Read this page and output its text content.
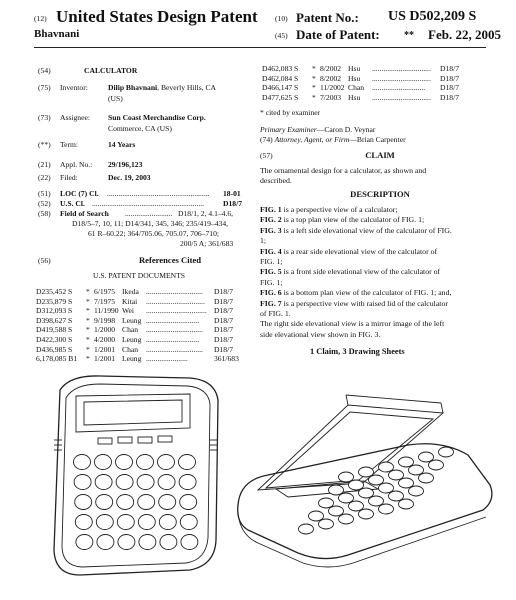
(12) United States Design Patent
Bhavnani
(10) Patent No.: US D502,209 S
(45) Date of Patent: ** Feb. 22, 2005
(54)	CALCULATOR
(75) Inventor:	Dilip Bhavnani, Beverly Hills, CA
(US)
(73) Assignee: Sun Coast Merchandise Corp.
Commerce, CA (US)
(**) Term:	14 Years
(21) Appl. No.: 29/196,123
(22) Filed:	Dec. 19, 2003
(51) LOC (7) Cl. ...................................................... 18-01
(52) U.S. Cl. ........................................................... D18/7
(58) Field of Search ......................... D18/1, 2, 4.1–4.6,
D18/5–7, 10, 11; D14/341, 345, 346; 235/419–434,
61 R–60.22; 364/705.06, 705.07, 706–710;
200/5 A; 361/683
(56)	References Cited
U.S. PATENT DOCUMENTS
D235,452 S * 6/1975 Ikeda .............................. D18/7
D235,879 S * 7/1975 Kitai ............................... D18/7
D312,093 S * 11/1990 Wei ................................ D18/7
D398,627 S * 9/1998 Leung ............................ D18/7
D419,588 S * 1/2000 Chan .............................. D18/7
D422,300 S * 4/2000 Leung ............................ D18/7
D436,985 S * 1/2001 Chan .............................. D18/7
6,178,085 B1 * 1/2001 Leung ......................	361/683
D462,083 S * 8/2002 Hsu ............................... D18/7
D462,084 S * 8/2002 Hsu ............................... D18/7
D466,147 S * 11/2002 Chan ............................ D18/7
D477,625 S * 7/2003 Hsu ............................... D18/7
* cited by examiner
Primary Examiner—Caron D. Veynar
(74) Attorney, Agent, or Firm—Brian Carpenter
(57)	CLAIM
The ornamental design for a calculator, as shown and
described.
DESCRIPTION
FIG. 1 is a perspective view of a calculator;
FIG. 2 is a top plan view of the calculator of FIG. 1;
FIG. 3 is a left side elevational view of the calculator of FIG.
1;
FIG. 4 is a rear side elevational view of the calculator of
FIG. 1;
FIG. 5 is a front side elevational view of the calculator of
FIG. 1;
FIG. 6 is a bottom plan view of the calculator of FIG. 1; and,
FIG. 7 is a perspective view with raised lid of the calculator
of FIG. 1.
The right side elevational view is a mirror image of the left
side elevational view shown in FIG. 3.
1 Claim, 3 Drawing Sheets
